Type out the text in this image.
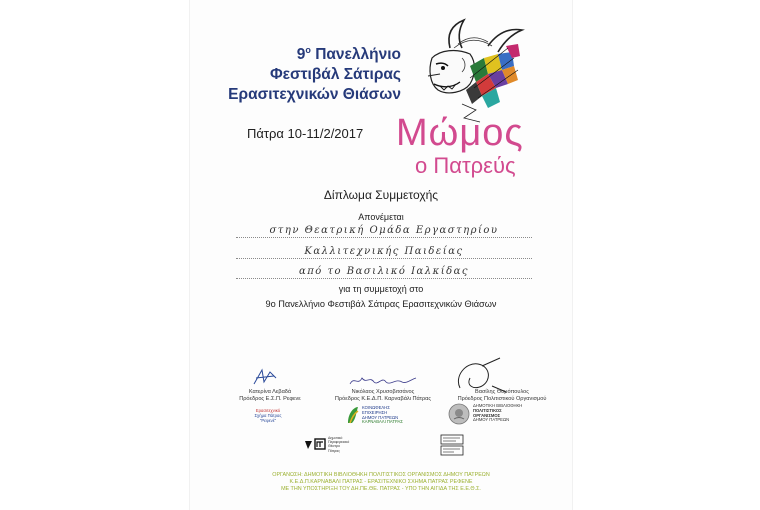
$9^o$ Πανελλήνιο
Φεστιβάλ Σάτιρας
Ερασιτεχνικών Θιάσων
Πάτρα 10-11/2/2017 Μώμος
ο Πατρεύς
Δίπλωμα Συμμετοχής
Απονέμεται
στην Θεατρική Ομάδα Εργαστηρίου
Καλλιτεχνικής Παιδείας
από το Βασιλικό Ιαλκίδας
για τη συμμετοχή στο
9ο Πανελλήνιο Φεστιβάλ Σάτιρας Ερασιτεχνικών Θιάσων
Κατερίνα Λεβαδά
Πρόεδρος Ε.Σ.Π. Ρεφενε
Νικόλαος Χρυσοβιτσάνος
Πρόεδρος Κ.Ε.Δ.Π. Καρναβάλι Πάτρας
Βασίλης Θυμόπουλος
Πρόεδρος Πολιτιστικού Οργανισμού
Ερασιτεχνικό
Σχήμα Πάτρας
"Ρεφενέ"
ΚΟΙΝΩΦΕΛΗΣ
ΕΠΙΧΕΙΡΗΣΗ
ΔΗΜΟΥ ΠΑΤΡΕΩΝ
ΚΑΡΝΑΒΑΛΙ ΠΑΤΡΑΣ
ΔΗΜΟΤΙΚΗ ΒΙΒΛΙΟΘΗΚΗ
ΠΟΛΙΤΙΣΤΙΚΟΣ
ΟΡΓΑΝΙΣΜΟΣ
ΔΗΜΟΥ ΠΑΤΡΕΩΝ
Δημοτικό
Περιφερειακό
Θέατρο
Πάτρας
ΟΡΓΑΝΩΣΗ: ΔΗΜΟΤΙΚΗ ΒΙΒΛΙΟΘΗΚΗ ΠΟΛΙΤΙΣΤΙΚΟΣ ΟΡΓΑΝΙΣΜΟΣ ΔΗΜΟΥ ΠΑΤΡΕΩΝ
Κ.Ε.Δ.Π.ΚΑΡΝΑΒΑΛΙ ΠΑΤΡΑΣ - ΕΡΑΣΙΤΕΧΝΙΚΟ ΣΧΗΜΑ ΠΑΤΡΑΣ ΡΕΦΕΝΕ
ΜΕ ΤΗΝ ΥΠΟΣΤΗΡΙΞΗ ΤΟΥ ΔΗ.ΠΕ.ΘΕ. ΠΑΤΡΑΣ - ΥΠΟ ΤΗΝ ΑΙΓΙΔΑ ΤΗΣ Ε.Ε.Θ.Σ.
